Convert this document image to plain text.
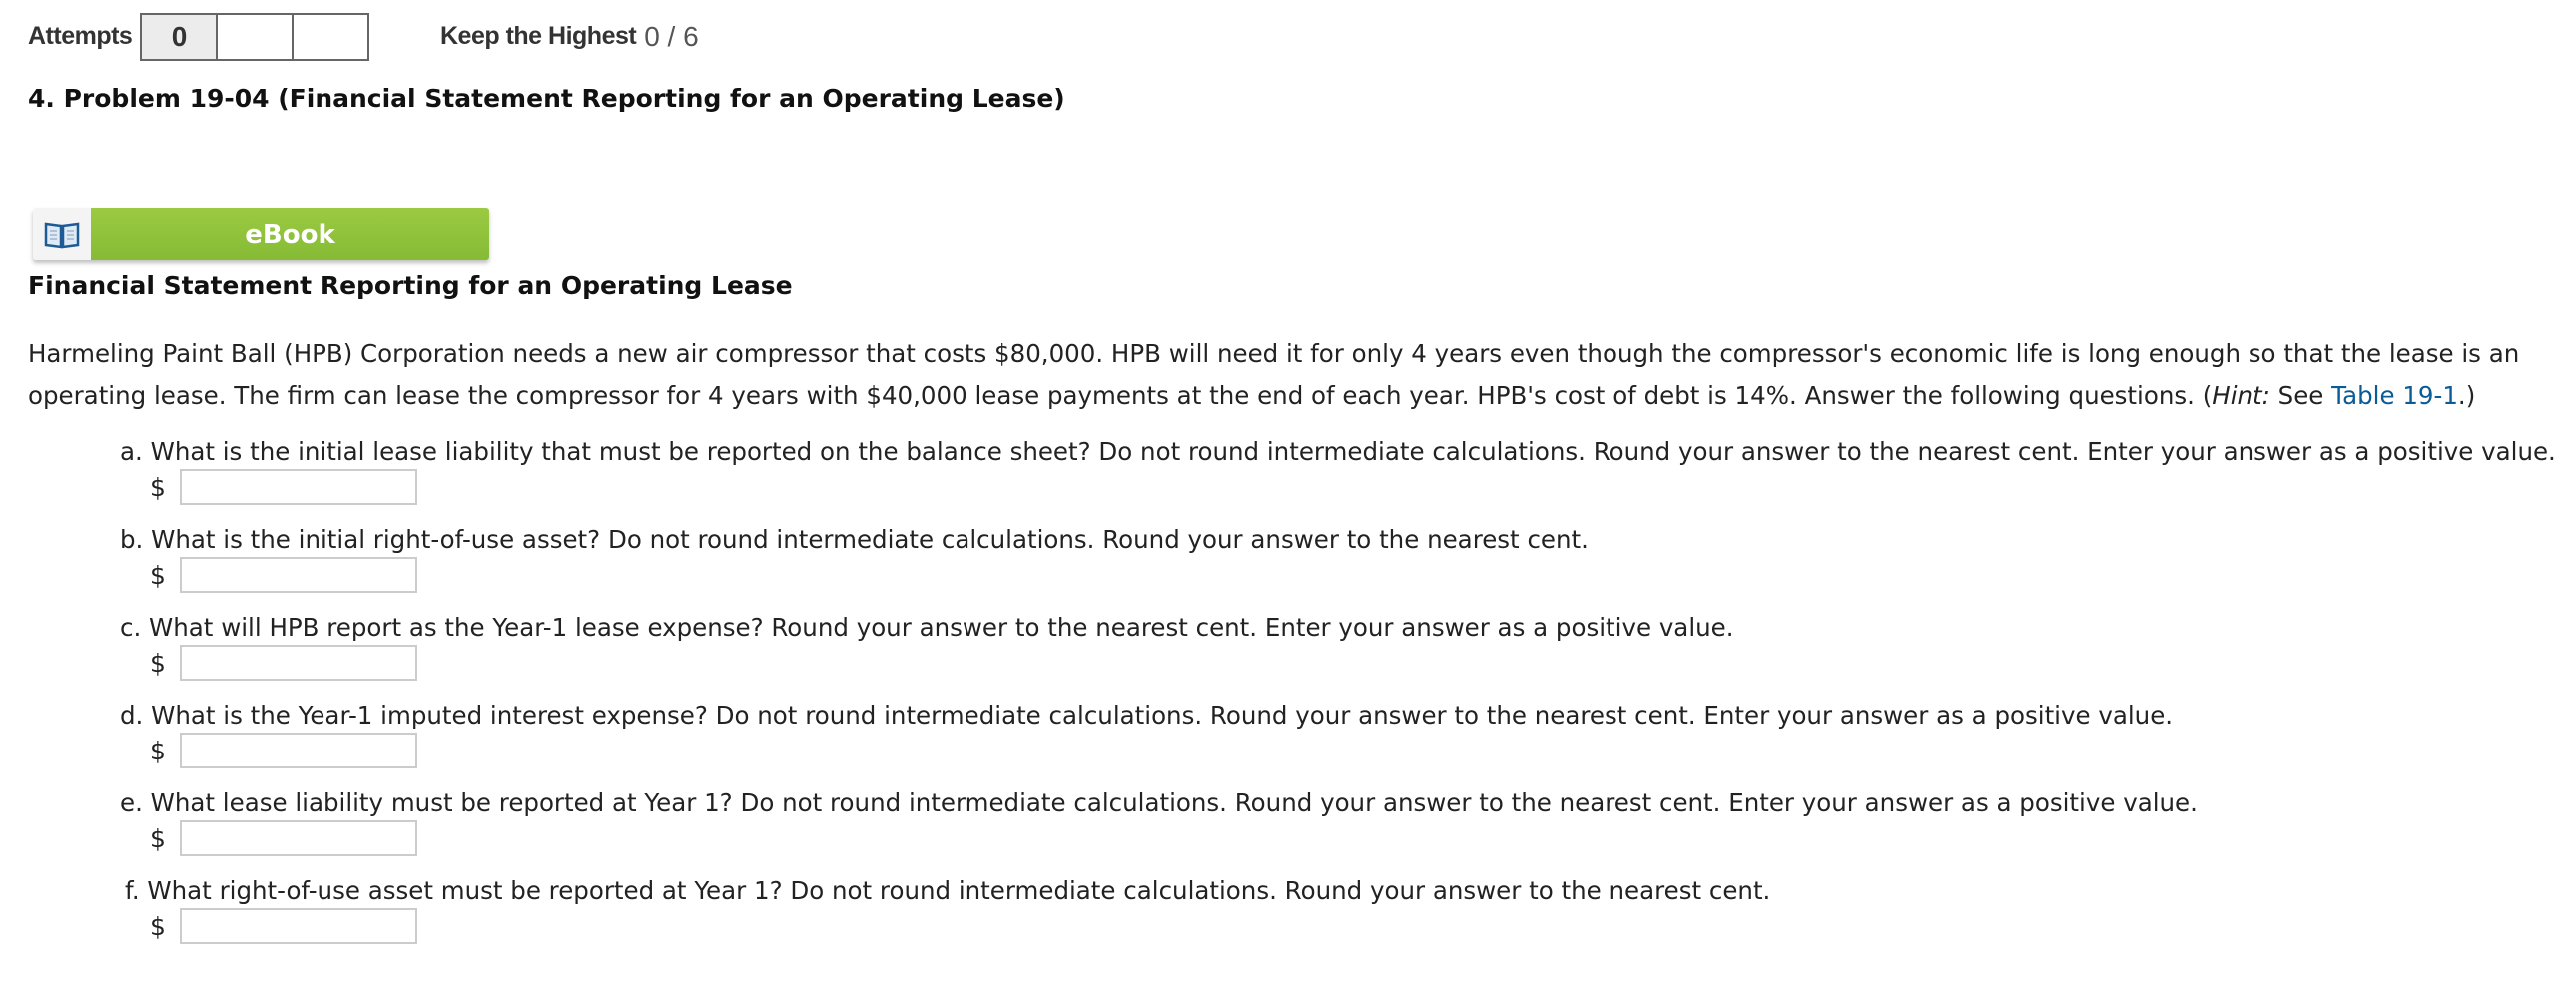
Attempts	0	Keep the Highest 0 / 6
4. Problem 19-04 (Financial Statement Reporting for an Operating Lease)
eBook
Financial Statement Reporting for an Operating Lease
Harmeling Paint Ball (HPB) Corporation needs a new air compressor that costs $80,000. HPB will need it for only 4 years even though the compressor's economic life is long enough so that the lease is an operating lease. The firm can lease the compressor for 4 years with $40,000 lease payments at the end of each year. HPB's cost of debt is 14%. Answer the following questions. (Hint: See Table 19-1.)
a. What is the initial lease liability that must be reported on the balance sheet? Do not round intermediate calculations. Round your answer to the nearest cent. Enter your answer as a positive value.
$
b. What is the initial right-of-use asset? Do not round intermediate calculations. Round your answer to the nearest cent.
$
c. What will HPB report as the Year-1 lease expense? Round your answer to the nearest cent. Enter your answer as a positive value.
$
d. What is the Year-1 imputed interest expense? Do not round intermediate calculations. Round your answer to the nearest cent. Enter your answer as a positive value.
$
e. What lease liability must be reported at Year 1? Do not round intermediate calculations. Round your answer to the nearest cent. Enter your answer as a positive value.
$
f. What right-of-use asset must be reported at Year 1? Do not round intermediate calculations. Round your answer to the nearest cent.
$
